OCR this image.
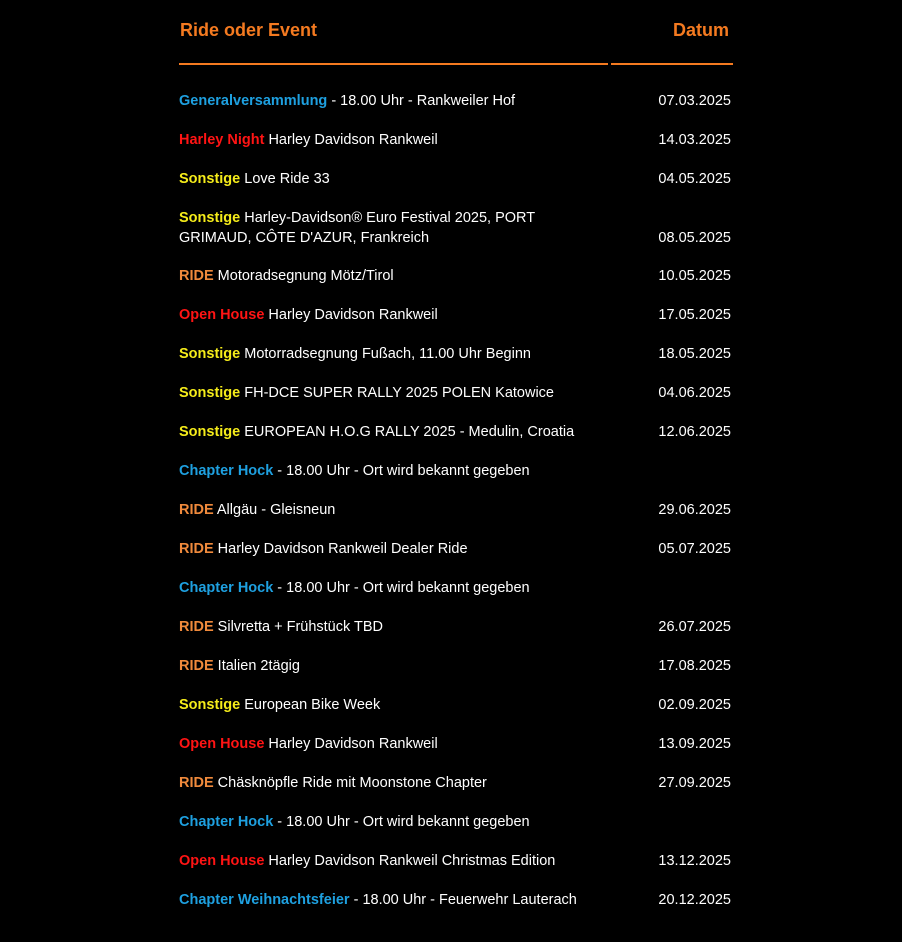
Ride oder Event	Datum
Generalversammlung - 18.00 Uhr - Rankweiler Hof	07.03.2025
Harley Night Harley Davidson Rankweil	14.03.2025
Sonstige Love Ride 33	04.05.2025
Sonstige Harley-Davidson® Euro Festival 2025, PORT GRIMAUD, CÔTE D'AZUR, Frankreich	08.05.2025
RIDE Motoradsegnung Mötz/Tirol	10.05.2025
Open House Harley Davidson Rankweil	17.05.2025
Sonstige Motorradsegnung Fußach, 11.00 Uhr Beginn	18.05.2025
Sonstige FH-DCE SUPER RALLY 2025 POLEN Katowice	04.06.2025
Sonstige EUROPEAN H.O.G RALLY 2025 - Medulin, Croatia	12.06.2025
Chapter Hock - 18.00 Uhr - Ort wird bekannt gegeben
RIDE Allgäu - Gleisneun	29.06.2025
RIDE Harley Davidson Rankweil Dealer Ride	05.07.2025
Chapter Hock - 18.00 Uhr - Ort wird bekannt gegeben
RIDE Silvretta + Frühstück TBD	26.07.2025
RIDE Italien 2tägig	17.08.2025
Sonstige European Bike Week	02.09.2025
Open House Harley Davidson Rankweil	13.09.2025
RIDE Chäsknöpfle Ride mit Moonstone Chapter	27.09.2025
Chapter Hock - 18.00 Uhr - Ort wird bekannt gegeben
Open House Harley Davidson Rankweil Christmas Edition	13.12.2025
Chapter Weihnachtsfeier - 18.00 Uhr - Feuerwehr Lauterach	20.12.2025
